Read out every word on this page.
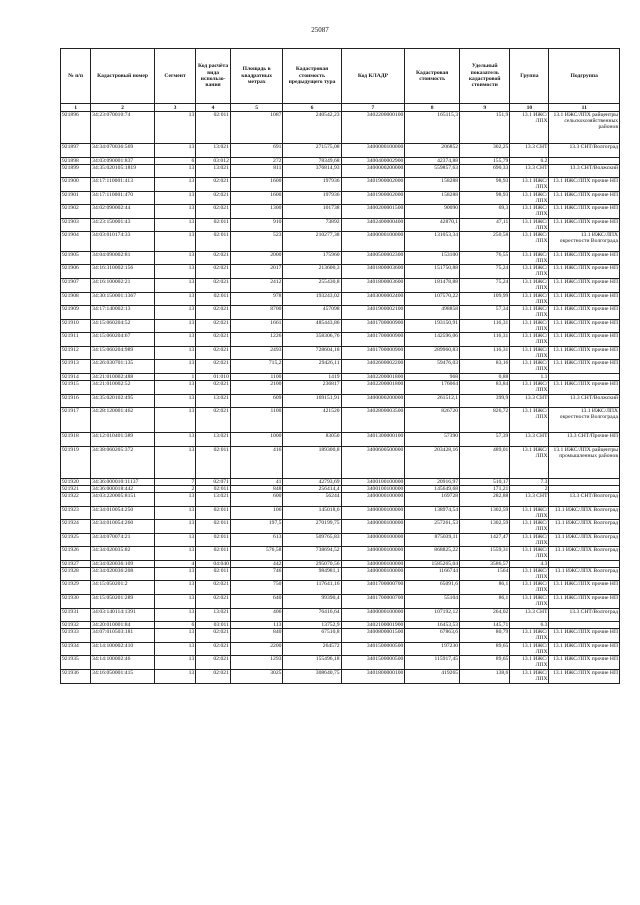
25087
№ п/п	Кадастровый номер	Сегмент	Код расчёта вида использо-вания	Площадь в квадратных метрах	Кадастровая стоимость предыдущего тура	Код КЛАДР	Кадастровая стоимость	Удельный показатель кадастровой стоимости	Группа	Подгруппа
1	2	3	4	5	6	7	8	9	10	11
921896	34:23:070010:74	13	02:011	1087	240542,23	3402200000100	165115,3	151,9	13.1 ИЖС/ЛПХ	13.1 ИЖС/ЛПХ райцентры сельскохозяйственных районов
921897	34:34:070036:569	13	13:021	691	271575,08	3400000100000	206852	302,25	13.3 СНТ	13.3 СНТ/Волгоград
921898	34:03:090001:837	6	03:012	272	78349,68	3400400002900	42374,88	155,79	6.2	
921899	34:35:020105:1819	13	13:021	811	376814,93	3400000200000	559857,63	690,33	13.3 СНТ	13.3 СНТ/Волжский
921900	34:17:110001:413	13	02:021	1600	197936	3401900002000	158288	98,93	13.1 ИЖС/ЛПХ	13.1 ИЖС/ЛПХ прочие НП
921901	34:17:110001:470	13	02:021	1600	197936	3401900002000	158288	98,93	13.1 ИЖС/ЛПХ	13.1 ИЖС/ЛПХ прочие НП
921902	34:02:090002:44	13	02:021	1300	101738	3400200001500	90090	69,3	13.1 ИЖС/ЛПХ	13.1 ИЖС/ЛПХ прочие НП
921903	34:23:150001:43	13	02:011	910	73892	3402400000400	42870,1	47,11	13.1 ИЖС/ЛПХ	13.1 ИЖС/ЛПХ прочие НП
921904	34:03:010174:33	13	02:011	523	210277,38	3400000100000	131053,34	250,58	13.1 ИЖС/ЛПХ	13.1 ИЖС/ЛПХ окрестности Волгограда
921905	34:04:090002:81	13	02:021	2000	175960	3400500002300	153100	76,55	13.1 ИЖС/ЛПХ	13.1 ИЖС/ЛПХ прочие НП
921906	34:16:310002:156	13	02:021	2017	213600,3	3401800003600	151750,88	75,24	13.1 ИЖС/ЛПХ	13.1 ИЖС/ЛПХ прочие НП
921907	34:16:100002:21	13	02:021	2412	255430,8	3401800003600	181478,88	75,24	13.1 ИЖС/ЛПХ	13.1 ИЖС/ЛПХ прочие НП
921908	34:30:150001:1367	13	02:011	978	193243,02	3403000002400	107570,22	109,99	13.1 ИЖС/ЛПХ	13.1 ИЖС/ЛПХ прочие НП
921909	34:17:140002:13	13	02:021	8700	457098	3401900002100	498858	57,34	13.1 ИЖС/ЛПХ	13.1 ИЖС/ЛПХ прочие НП
921910	34:15:060204:52	13	02:021	1661	485443,86	3401700000900	193150,91	116,31	13.1 ИЖС/ЛПХ	13.1 ИЖС/ЛПХ прочие НП
921911	34:15:060204:67	13	02:021	1226	358306,76	3401700000900	142596,06	116,31	13.1 ИЖС/ЛПХ	13.1 ИЖС/ЛПХ прочие НП
921912	34:15:060204:989	13	02:021	2493	728604,18	3401700000900	289960,83	116,31	13.1 ИЖС/ЛПХ	13.1 ИЖС/ЛПХ прочие НП
921913	34:26:030701:135	13	02:021	715,2	29426,11	3402600002200	59476,03	83,16	13.1 ИЖС/ЛПХ	13.1 ИЖС/ЛПХ прочие НП
921914	34:21:010002:488	1	01:010	1100	1419	3402200001800	968	0,88	1.1	
921915	34:21:010002:52	13	02:021	2100	236817	3402200001800	176064	83,84	13.1 ИЖС/ЛПХ	13.1 ИЖС/ЛПХ прочие НП
921916	34:35:020102:495	13	13:021	609	169151,91	3400000200000	261512,1	399,9	13.3 СНТ	13.3 СНТ/Волжский
921917	34:28:120001:462	13	02:021	1100	421520	3402800003500	826720	826,72	13.1 ИЖС/ЛПХ	13.1 ИЖС/ЛПХ окрестности Волгограда
921918	34:12:010401:389	13	13:021	1000	83050	3401300000100	57390	57,39	13.3 СНТ	13.3 СНТ/Прочие НП
921919	34:38:060205:372	13	02:011	416	189300,8	3400600500000	203428,16	489,01	13.1 ИЖС/ЛПХ	13.1 ИЖС/ЛПХ райцентры промышленных районов
921920	34:36:000010:11137	7	02:071	41	42793,69	3400100100000	20916,97	510,17	7.3	
921921	34:36:000018:442	2	02:011	848	256414,4	3400100100000	145649,68	171,21	2	
921922	34:03:220005:8151	13	13:021	600	56244	3400000100000	169728	282,88	13.3 СНТ	13.3 СНТ/Волгоград
921923	34:34:010054:250	13	02:011	106	145018,6	3400000100000	138974,54	1302,59	13.1 ИЖС/ЛПХ	13.1 ИЖС/ЛПХ Волгоград
921924	34:34:010054:260	13	02:011	197,5	270199,75	3400000100000	257261,53	1302,59	13.1 ИЖС/ЛПХ	13.1 ИЖС/ЛПХ Волгоград
921925	34:34:070074:21	13	02:011	613	509765,83	3400000100000	875039,11	1427,47	13.1 ИЖС/ЛПХ	13.1 ИЖС/ЛПХ Волгоград
921926	34:34:020035:82	13	02:011	576,58	738694,52	3400000100000	868825,22	1559,31	13.1 ИЖС/ЛПХ	13.1 ИЖС/ЛПХ Волгоград
921927	34:34:020036:109	4	04:040	442	295070,56	3400000100000	1585265,04	3586,57	4.3	
921928	34:34:020036:208	13	02:011	746	984981,1	3400000100000	1166744	1564	13.1 ИЖС/ЛПХ	13.1 ИЖС/ЛПХ Волгоград
921929	34:15:050201:2	13	02:021	750	117641,16	3401700000700	65091,6	86,1	13.1 ИЖС/ЛПХ	13.1 ИЖС/ЛПХ прочие НП
921930	34:15:050201:289	13	02:021	640	99390,4	3401700000700	55104	86,1	13.1 ИЖС/ЛПХ	13.1 ИЖС/ЛПХ прочие НП
921931	34:03:140114:1391	13	13:021	406	76416,64	3400000100000	107192,12	264,02	13.3 СНТ	13.3 СНТ/Волгоград
921932	34:20:010001:84	6	03:011	113	13752,9	3402100001900	16453,53	145,71	6.3	
921933	34:07:010503:181	13	02:021	840	67510,8	3400800001500	67863,6	80,79	13.1 ИЖС/ЛПХ	13.1 ИЖС/ЛПХ прочие НП
921934	34:14:100002:410	13	02:021	2200	264572	3401500000500	197230	89,65	13.1 ИЖС/ЛПХ	13.1 ИЖС/ЛПХ прочие НП
921935	34:14:100002:46	13	02:021	1293	155496,18	3401500000500	115917,45	89,65	13.1 ИЖС/ЛПХ	13.1 ИЖС/ЛПХ прочие НП
921936	34:16:050001:415	13	02:021	3025	308640,75	3401800000100	419265	138,6	13.1 ИЖС/ЛПХ	13.1 ИЖС/ЛПХ прочие НП
